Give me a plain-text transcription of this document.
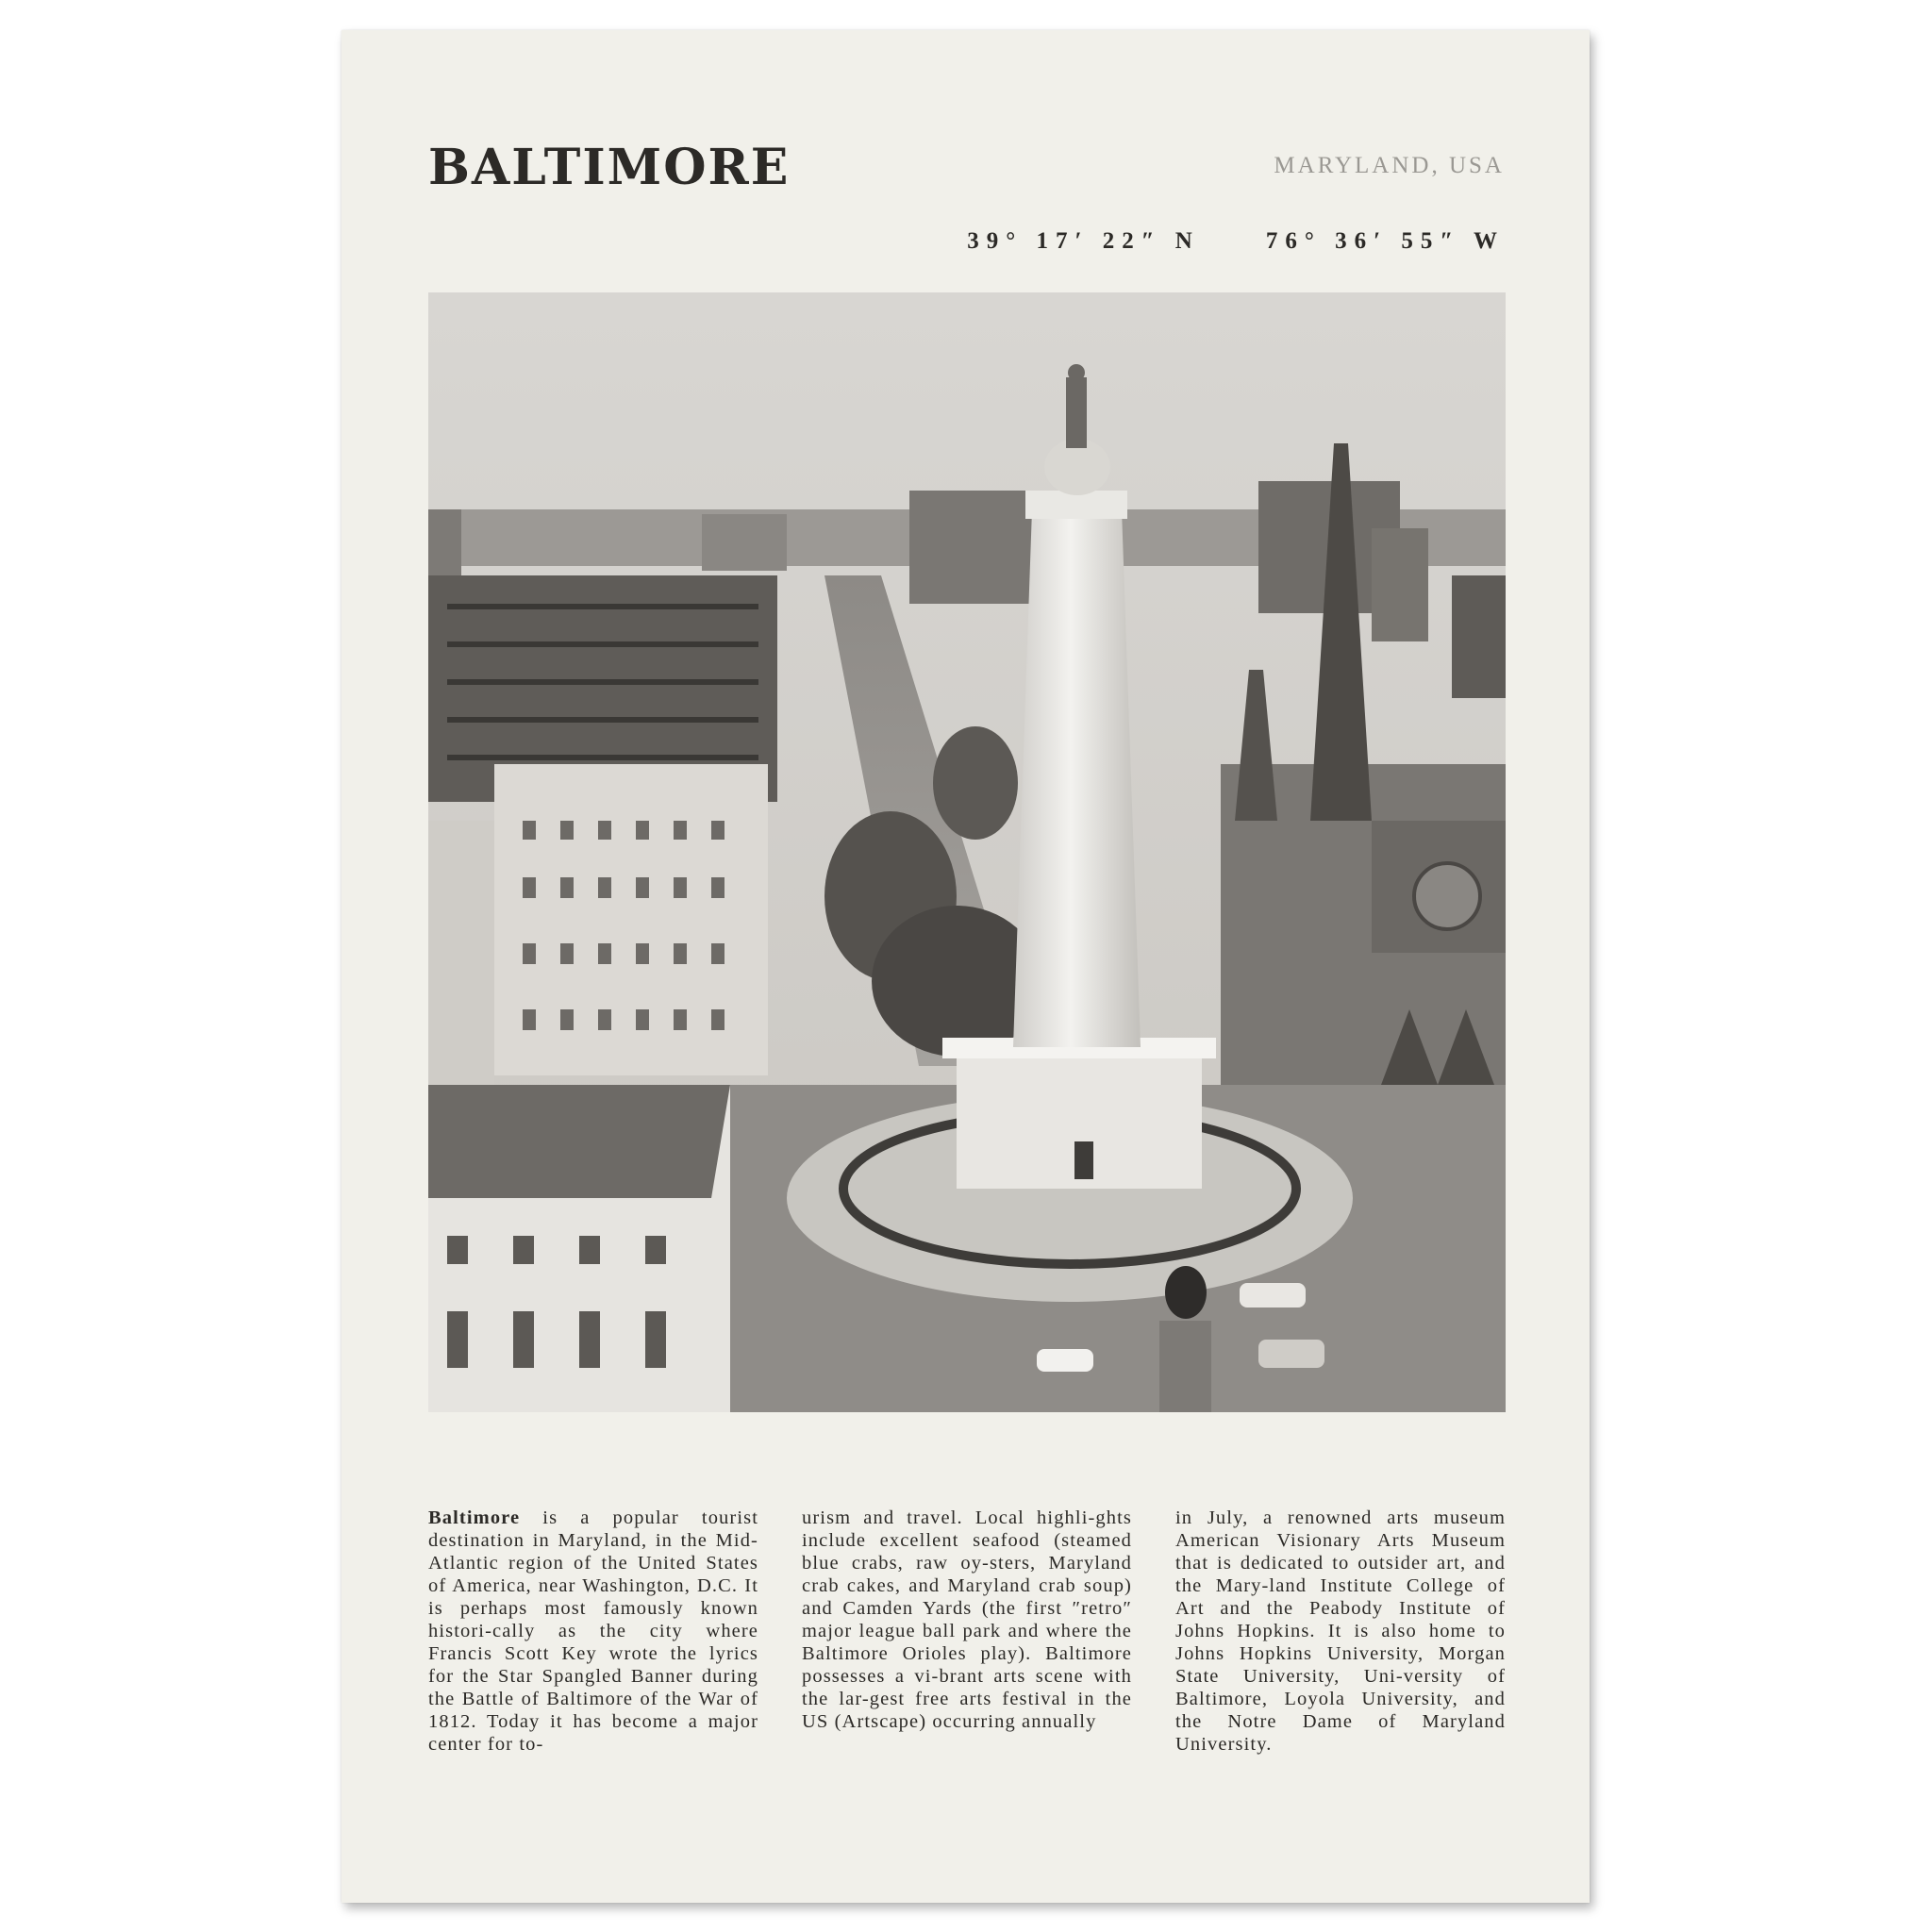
BALTIMORE	MARYLAND, USA
39° 17′ 22″ N	76° 36′ 55″ W
Baltimore is a popular tourist destination in Maryland, in the Mid-Atlantic region of the United States of America, near Washington, D.C. It is perhaps most famously known histori-cally as the city where Francis Scott Key wrote the lyrics for the Star Spangled Banner during the Battle of Baltimore of the War of 1812. Today it has become a major center for to-
urism and travel. Local highli-ghts include excellent seafood (steamed blue crabs, raw oy-sters, Maryland crab cakes, and Maryland crab soup) and Camden Yards (the first ″retro″ major league ball park and where the Baltimore Orioles play). Baltimore possesses a vi-brant arts scene with the lar-gest free arts festival in the US (Artscape) occurring annually
in July, a renowned arts museum American Visionary Arts Museum that is dedicated to outsider art, and the Mary-land Institute College of Art and the Peabody Institute of Johns Hopkins. It is also home to Johns Hopkins University, Morgan State University, Uni-versity of Baltimore, Loyola University, and the Notre Dame of Maryland University.
